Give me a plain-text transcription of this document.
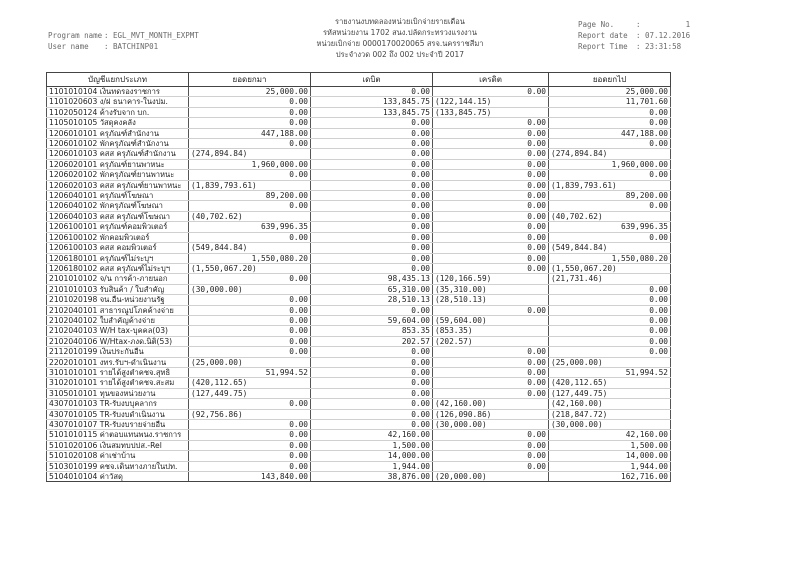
รายงานงบทดลองหน่วยเบิกจ่ายรายเดือน
รหัสหน่วยงาน 1702 สนง.ปลัดกระทรวงแรงงาน
หน่วยเบิกจ่าย 0000170020065 สรจ.นครราชสีมา
ประจำงวด 002 ถึง 002 ประจำปี 2017
Program name : EGL_MVT_MONTH_EXPMT
User name : BATCHINP01
Page No.	:          1
Report date : 07.12.2016
Report Time : 23:31:58
บัญชีแยกประเภท	ยอดยกมา	เดบิต	เครดิต	ยอดยกไป
1101010104 เงินทดรองราชการ	25,000.00	0.00	0.00	25,000.00
1101020603 ง/ฝ ธนาคาร-ในงปม.	0.00	133,845.75	(122,144.15)	11,701.60
1102050124 ค้างรับจาก บก.	0.00	133,845.75	(133,845.75)	0.00
1105010105 วัสดุคงคลัง	0.00	0.00	0.00	0.00
1206010101 ครุภัณฑ์สำนักงาน	447,188.00	0.00	0.00	447,188.00
1206010102 พักครุภัณฑ์สำนักงาน	0.00	0.00	0.00	0.00
1206010103 คสส ครุภัณฑ์สำนักงาน	(274,894.84)	0.00	0.00	(274,894.84)
1206020101 ครุภัณฑ์ยานพาหนะ	1,960,000.00	0.00	0.00	1,960,000.00
1206020102 พักครุภัณฑ์ยานพาหนะ	0.00	0.00	0.00	0.00
1206020103 คสส ครุภัณฑ์ยานพาหนะ	(1,839,793.61)	0.00	0.00	(1,839,793.61)
1206040101 ครุภัณฑ์โฆษณา	89,200.00	0.00	0.00	89,200.00
1206040102 พักครุภัณฑ์โฆษณา	0.00	0.00	0.00	0.00
1206040103 คสส ครุภัณฑ์โฆษณา	(40,702.62)	0.00	0.00	(40,702.62)
1206100101 ครุภัณฑ์คอมพิวเตอร์	639,996.35	0.00	0.00	639,996.35
1206100102 พักคอมพิวเตอร์	0.00	0.00	0.00	0.00
1206100103 คสส คอมพิวเตอร์	(549,844.84)	0.00	0.00	(549,844.84)
1206180101 ครุภัณฑ์ไม่ระบุฯ	1,550,080.20	0.00	0.00	1,550,080.20
1206180102 คสส ครุภัณฑ์ไม่ระบุฯ	(1,550,067.20)	0.00	0.00	(1,550,067.20)
2101010102 จ/น การค้า-ภายนอก	0.00	98,435.13	(120,166.59)	(21,731.46)
2101010103 รับสินค้า / ใบสำคัญ	(30,000.00)	65,310.00	(35,310.00)	0.00
2101020198 จน.อื่น-หน่วยงานรัฐ	0.00	28,510.13	(28,510.13)	0.00
2102040101 สาธารณูปโภคค้างจ่าย	0.00	0.00	0.00	0.00
2102040102 ใบสำคัญค้างจ่าย	0.00	59,604.00	(59,604.00)	0.00
2102040103 W/H tax-บุคคล(03)	0.00	853.35	(853.35)	0.00
2102040106 W/Htax-ภงด.นิติ(53)	0.00	202.57	(202.57)	0.00
2112010199 เงินประกันอื่น	0.00	0.00	0.00	0.00
2202010101 งทร.รับฯ-ดำเนินงาน	(25,000.00)	0.00	0.00	(25,000.00)
3101010101 รายได้สูงต่ำคชจ.สุทธิ	51,994.52	0.00	0.00	51,994.52
3102010101 รายได้สูงต่ำคชจ.สะสม	(420,112.65)	0.00	0.00	(420,112.65)
3105010101 ทุนของหน่วยงาน	(127,449.75)	0.00	0.00	(127,449.75)
4307010103 TR-รับงบบุคลากร	0.00	0.00	(42,160.00)	(42,160.00)
4307010105 TR-รับงบดำเนินงาน	(92,756.86)	0.00	(126,090.86)	(218,847.72)
4307010107 TR-รับงบรายจ่ายอื่น	0.00	0.00	(30,000.00)	(30,000.00)
5101010115 ค่าตอบแทนพนง.ราชการ	0.00	42,160.00	0.00	42,160.00
5101020106 เงินสมทบปปส.-Rel	0.00	1,500.00	0.00	1,500.00
5101020108 ค่าเช่าบ้าน	0.00	14,000.00	0.00	14,000.00
5103010199 คชจ.เดินทางภายในปท.	0.00	1,944.00	0.00	1,944.00
5104010104 ค่าวัสดุ	143,840.00	38,876.00	(20,000.00)	162,716.00
